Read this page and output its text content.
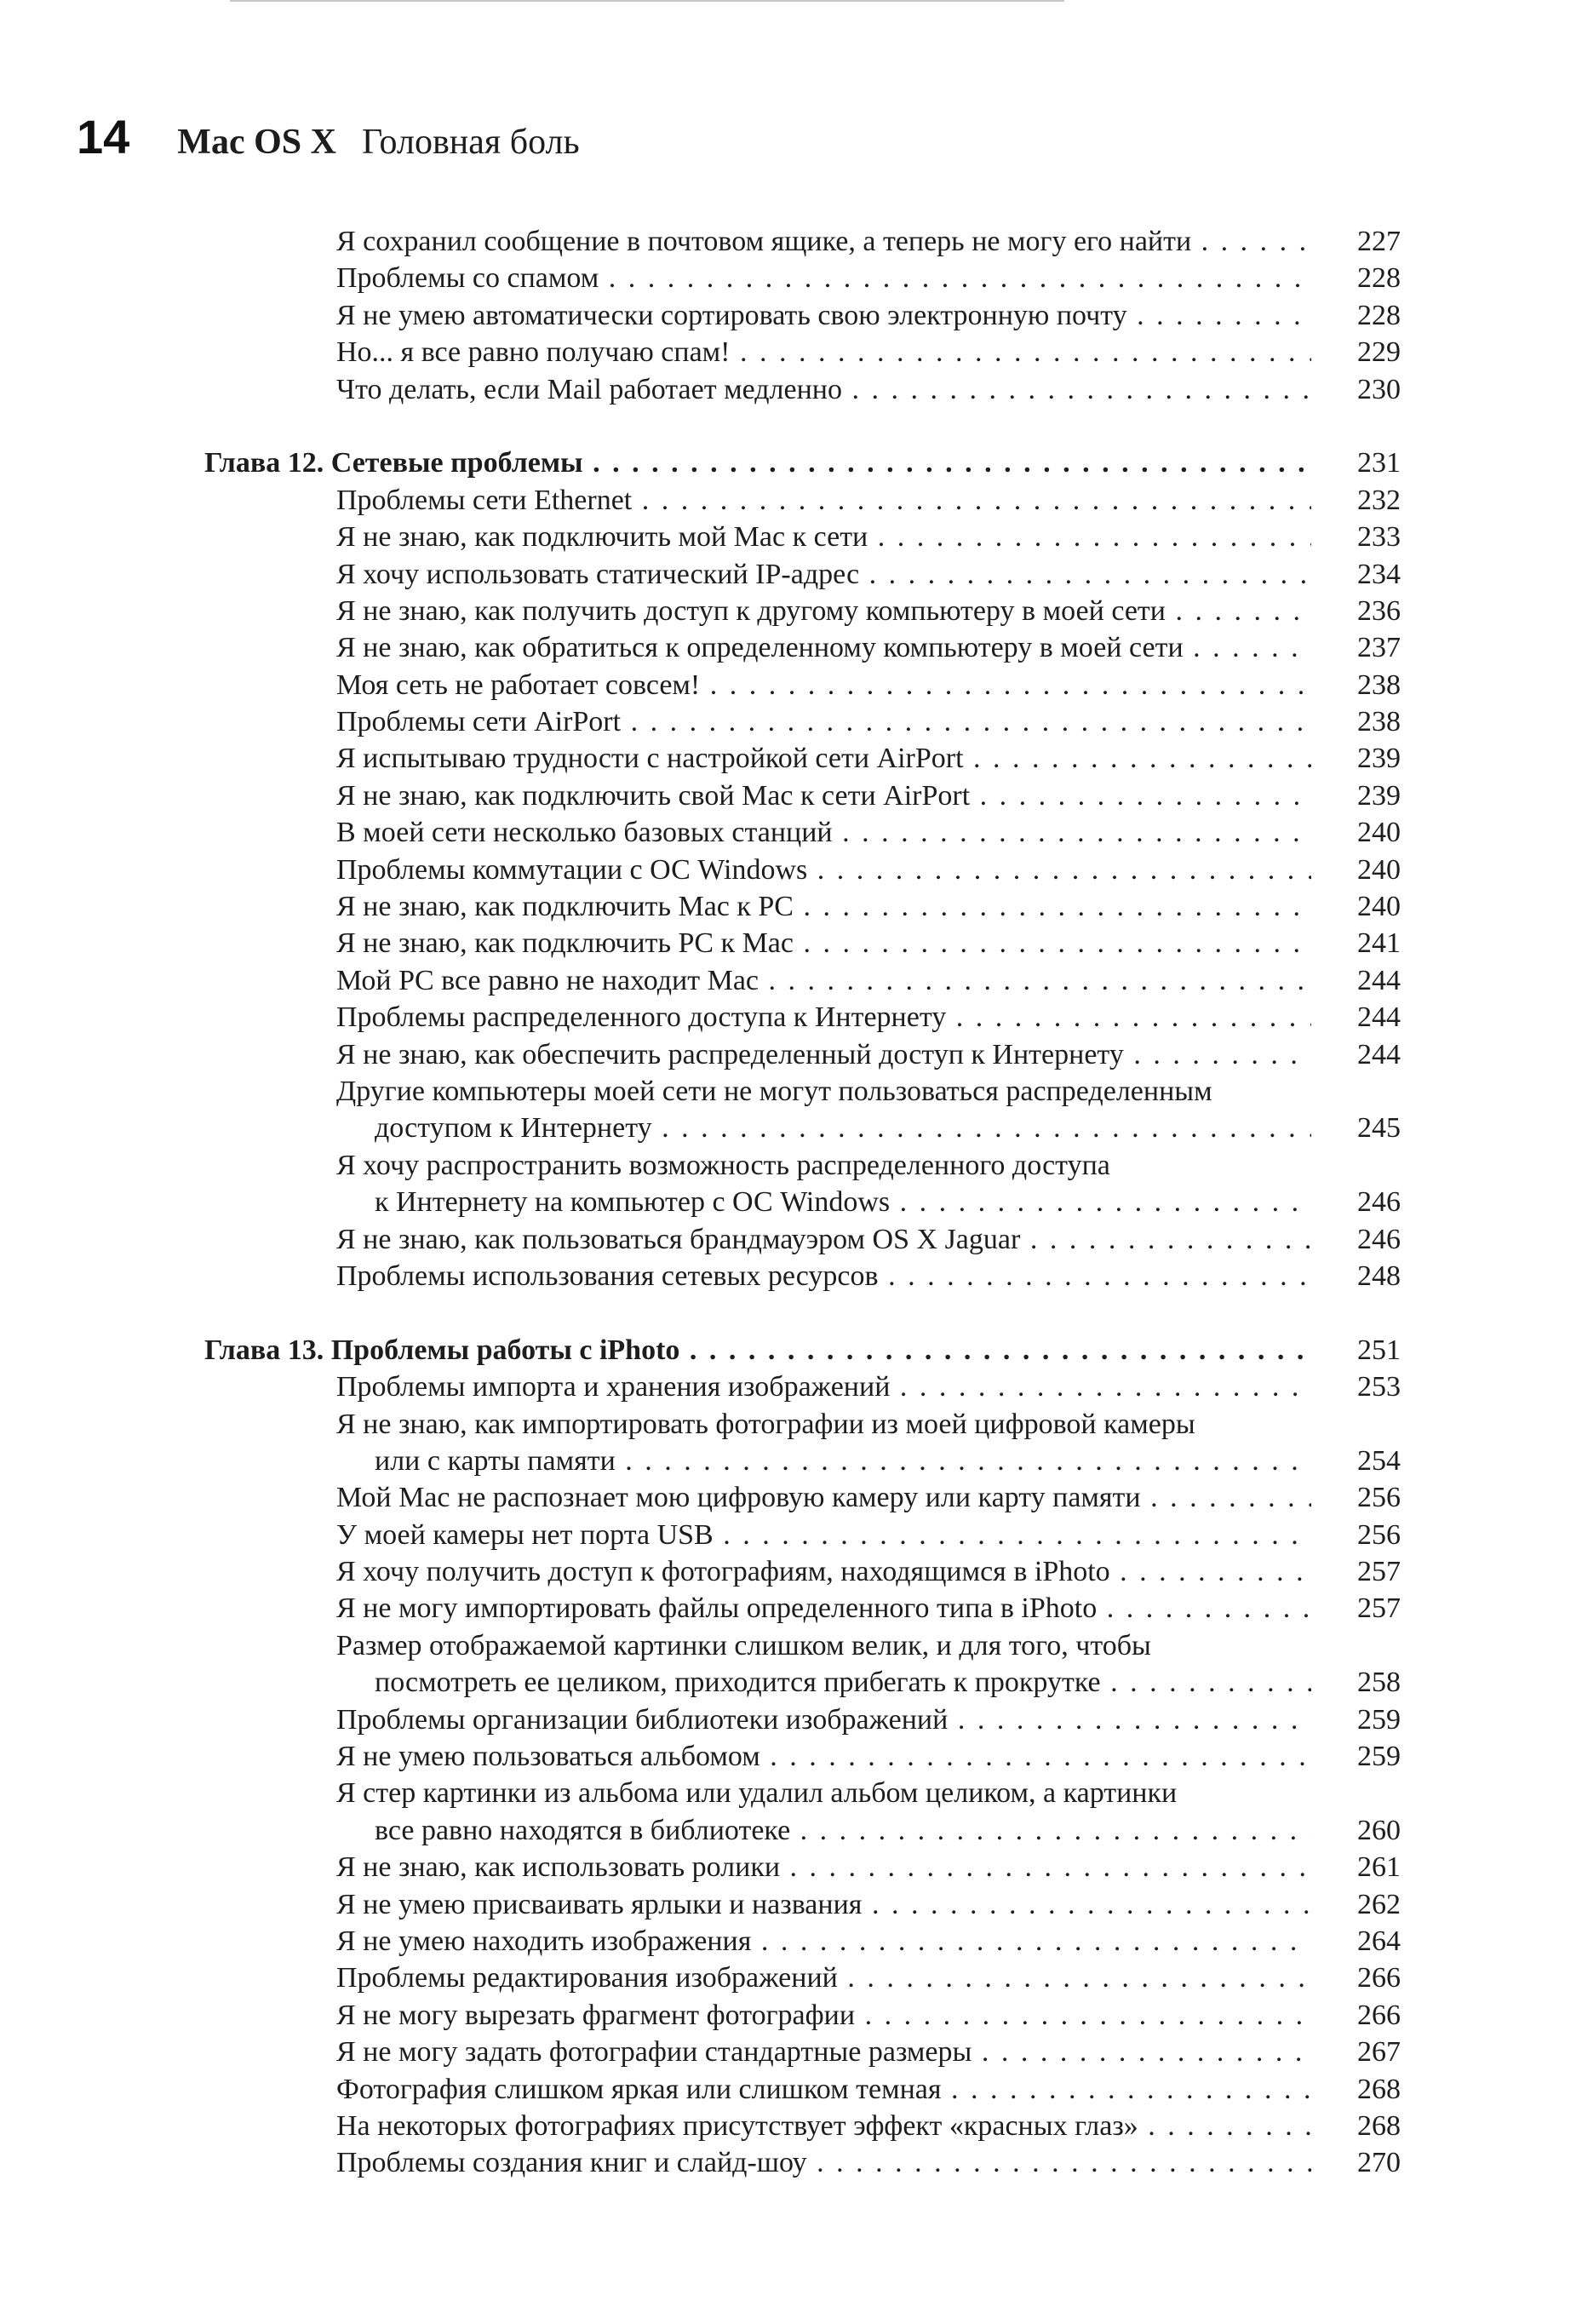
14 Mac OS X Головная боль
Я сохранил сообщение в почтовом ящике, а теперь не могу его найти . . .	227
Проблемы со спамом . . .	228
Я не умею автоматически сортировать свою электронную почту . . .	228
Но... я все равно получаю спам! . . .	229
Что делать, если Mail работает медленно . . .	230
Глава 12. Сетевые проблемы . . .	231
Проблемы сети Ethernet . . .	232
Я не знаю, как подключить мой Mac к сети . . .	233
Я хочу использовать статический IP-адрес . . .	234
Я не знаю, как получить доступ к другому компьютеру в моей сети . . .	236
Я не знаю, как обратиться к определенному компьютеру в моей сети . . .	237
Моя сеть не работает совсем! . . .	238
Проблемы сети AirPort . . .	238
Я испытываю трудности с настройкой сети AirPort . . .	239
Я не знаю, как подключить свой Mac к сети AirPort . . .	239
В моей сети несколько базовых станций . . .	240
Проблемы коммутации с ОС Windows . . .	240
Я не знаю, как подключить Mac к PC . . .	240
Я не знаю, как подключить PC к Mac . . .	241
Мой PC все равно не находит Mac . . .	244
Проблемы распределенного доступа к Интернету . . .	244
Я не знаю, как обеспечить распределенный доступ к Интернету . . .	244
Другие компьютеры моей сети не могут пользоваться распределенным
доступом к Интернету . . .	245
Я хочу распространить возможность распределенного доступа
к Интернету на компьютер с ОС Windows . . .	246
Я не знаю, как пользоваться брандмауэром OS X Jaguar . . .	246
Проблемы использования сетевых ресурсов . . .	248
Глава 13. Проблемы работы с iPhoto . . .	251
Проблемы импорта и хранения изображений . . .	253
Я не знаю, как импортировать фотографии из моей цифровой камеры
или с карты памяти . . .	254
Мой Mac не распознает мою цифровую камеру или карту памяти . . .	256
У моей камеры нет порта USB . . .	256
Я хочу получить доступ к фотографиям, находящимся в iPhoto . . .	257
Я не могу импортировать файлы определенного типа в iPhoto . . .	257
Размер отображаемой картинки слишком велик, и для того, чтобы
посмотреть ее целиком, приходится прибегать к прокрутке . . .	258
Проблемы организации библиотеки изображений . . .	259
Я не умею пользоваться альбомом . . .	259
Я стер картинки из альбома или удалил альбом целиком, а картинки
все равно находятся в библиотеке . . .	260
Я не знаю, как использовать ролики . . .	261
Я не умею присваивать ярлыки и названия . . .	262
Я не умею находить изображения . . .	264
Проблемы редактирования изображений . . .	266
Я не могу вырезать фрагмент фотографии . . .	266
Я не могу задать фотографии стандартные размеры . . .	267
Фотография слишком яркая или слишком темная . . .	268
На некоторых фотографиях присутствует эффект «красных глаз» . . .	268
Проблемы создания книг и слайд-шоу . . .	270
